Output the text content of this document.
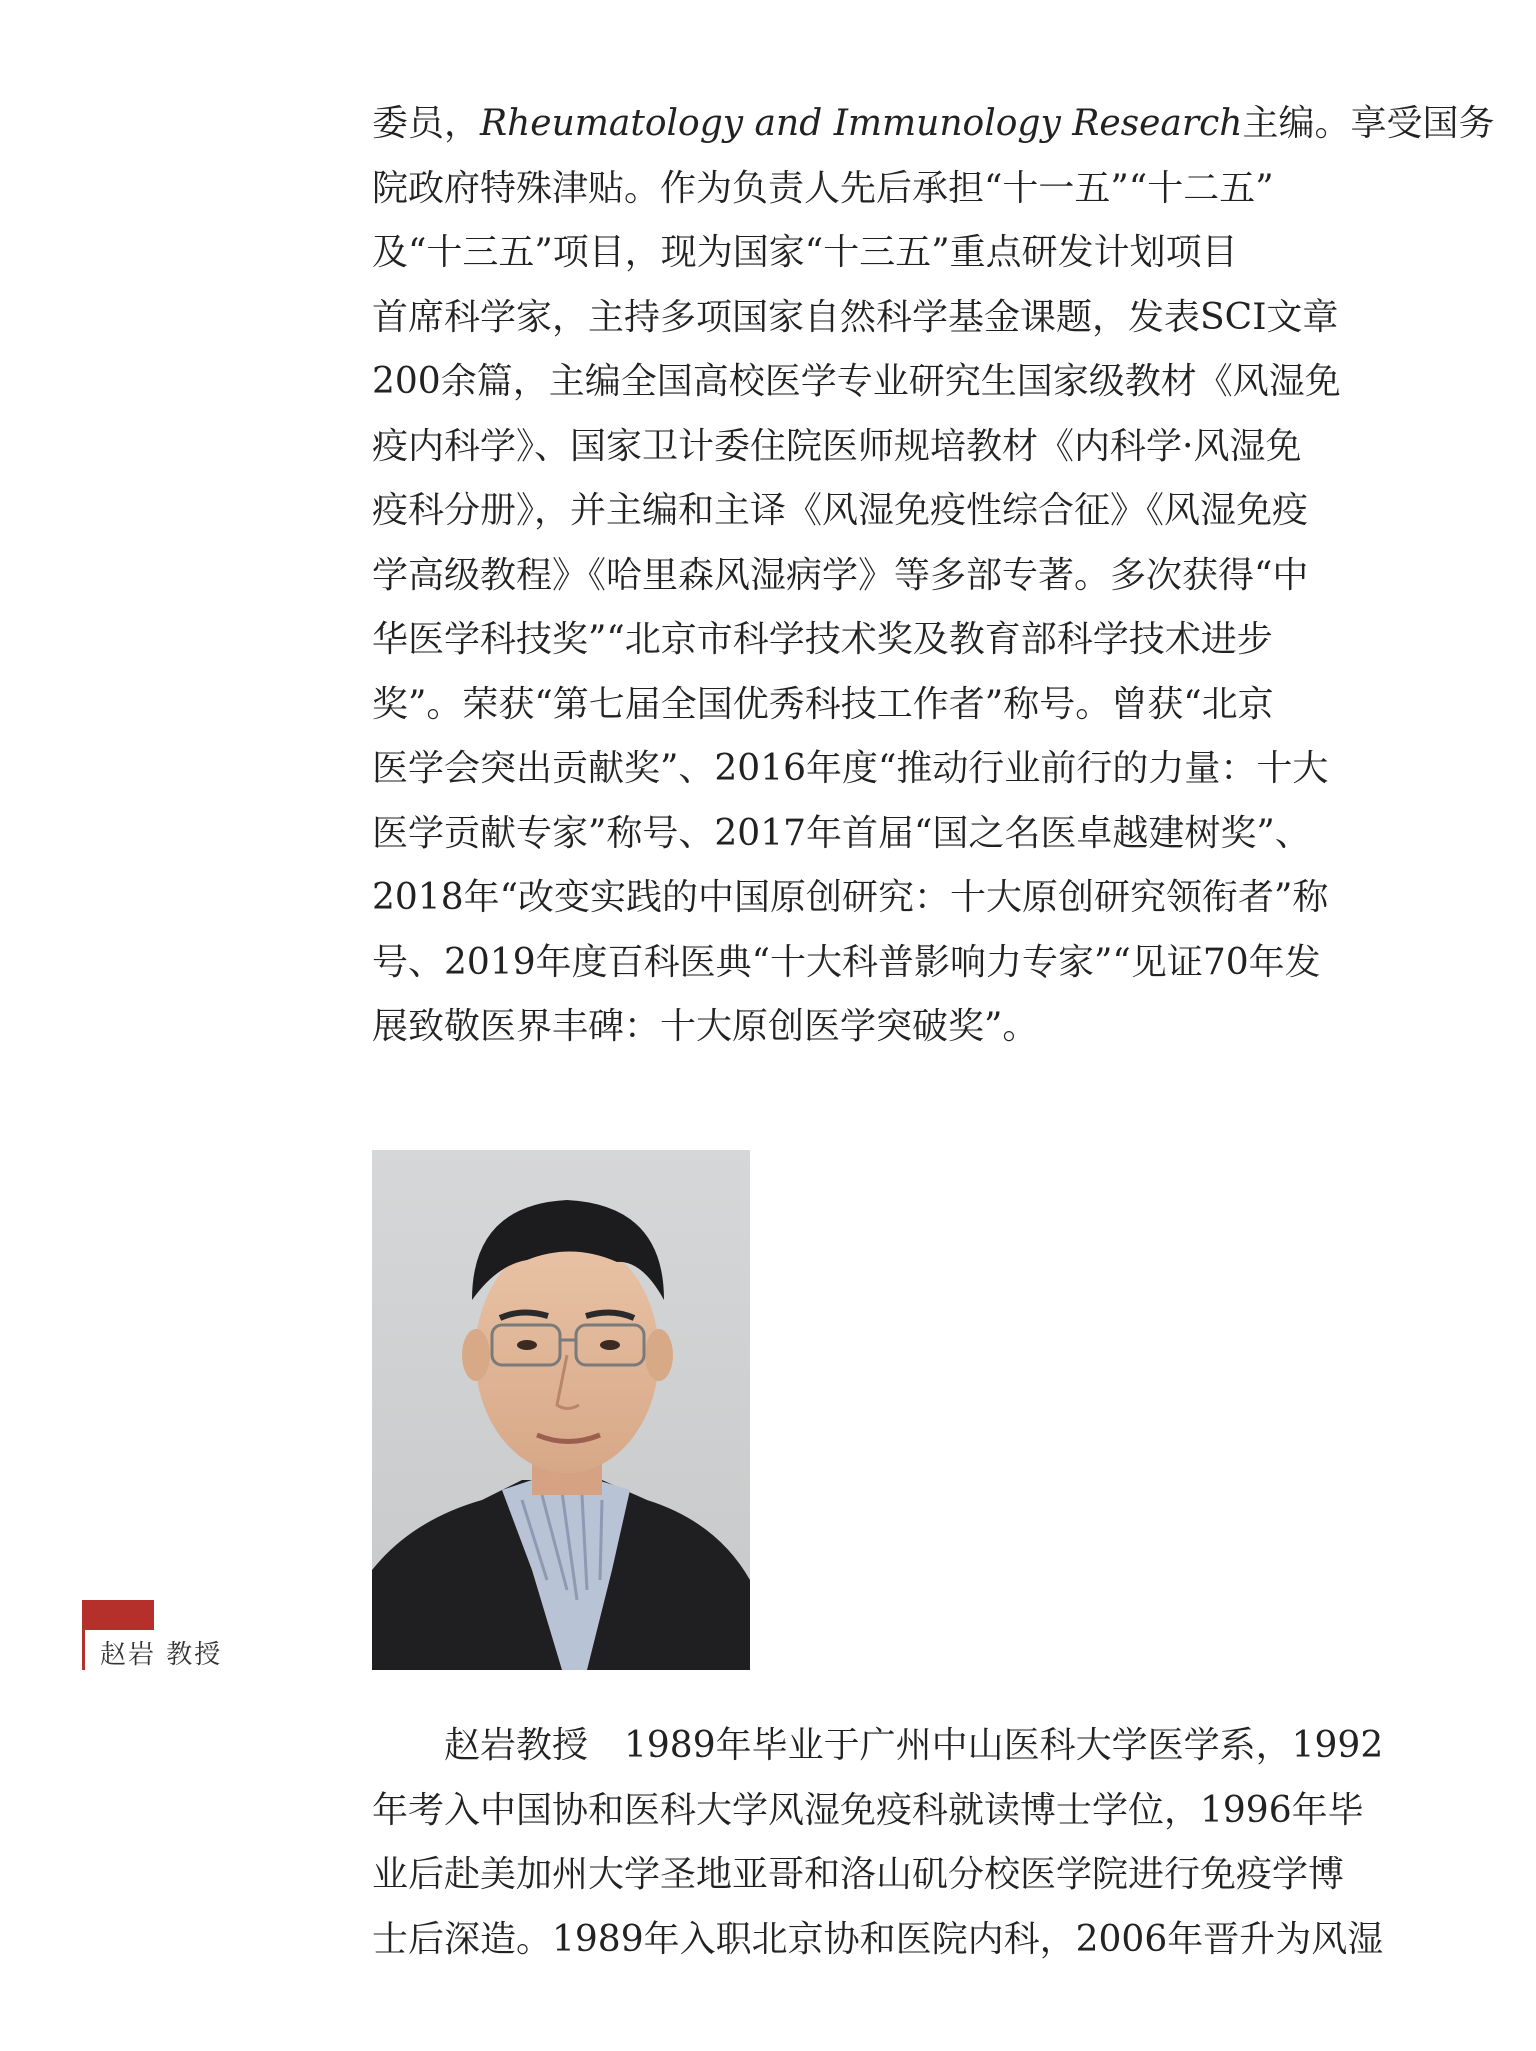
委员，Rheumatology and Immunology Research主编。享受国务

院政府特殊津贴。作为负责人先后承担“十一五”“十二五”

及“十三五”项目，现为国家“十三五”重点研发计划项目

首席科学家，主持多项国家自然科学基金课题，发表SCI文章

200余篇，主编全国高校医学专业研究生国家级教材《风湿免

疫内科学》、国家卫计委住院医师规培教材《内科学·风湿免

疫科分册》，并主编和主译《风湿免疫性综合征》《风湿免疫

学高级教程》《哈里森风湿病学》等多部专著。多次获得“中

华医学科技奖”“北京市科学技术奖及教育部科学技术进步

奖”。荣获“第七届全国优秀科技工作者”称号。曾获“北京

医学会突出贡献奖”、2016年度“推动行业前行的力量：十大

医学贡献专家”称号、2017年首届“国之名医卓越建树奖”、

2018年“改变实践的中国原创研究：十大原创研究领衔者”称

号、2019年度百科医典“十大科普影响力专家”“见证70年发

展致敬医界丰碑：十大原创医学突破奖”。

赵岩 教授

　　赵岩教授　1989年毕业于广州中山医科大学医学系，1992

年考入中国协和医科大学风湿免疫科就读博士学位，1996年毕

业后赴美加州大学圣地亚哥和洛山矶分校医学院进行免疫学博

士后深造。1989年入职北京协和医院内科，2006年晋升为风湿
